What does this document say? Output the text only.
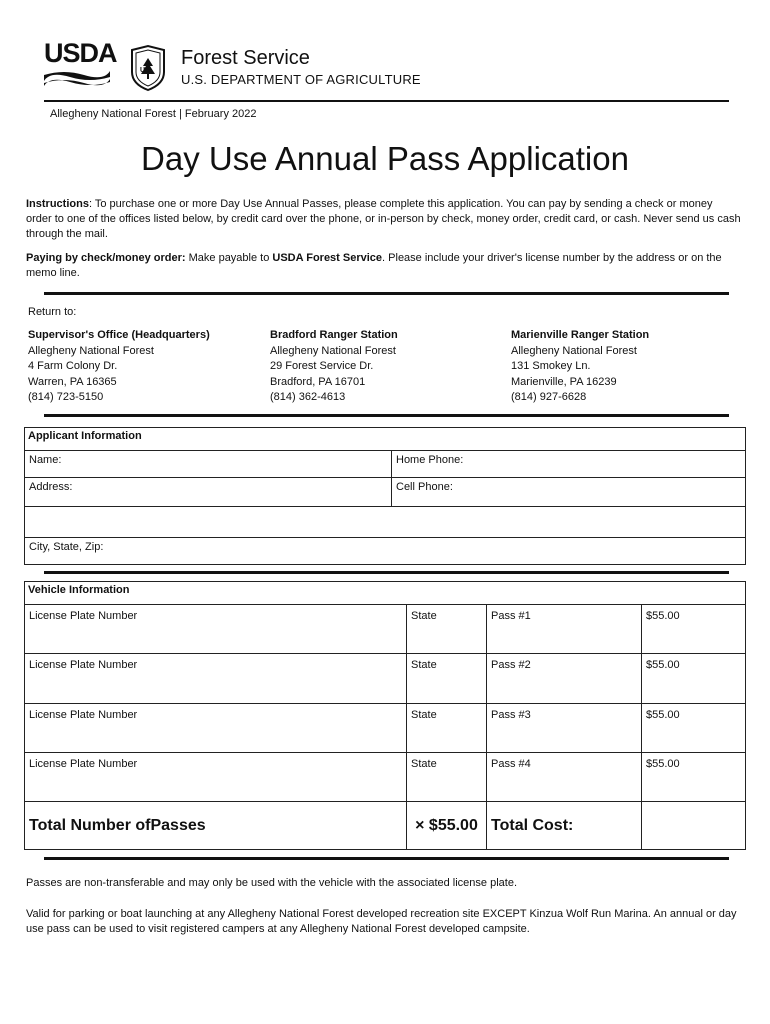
USDA
US
Forest Service
U.S. DEPARTMENT OF AGRICULTURE
Allegheny National Forest | February 2022
Day Use Annual Pass Application
Instructions: To purchase one or more Day Use Annual Passes, please complete this application. You can pay by sending a check or money order to one of the offices listed below, by credit card over the phone, or in-person by check, money order, credit card, or cash. Never send us cash through the mail.
Paying by check/money order: Make payable to USDA Forest Service. Please include your driver's license number by the address or on the memo line.
Return to:
Supervisor's Office (Headquarters)
Allegheny National Forest
4 Farm Colony Dr.
Warren, PA 16365
(814) 723-5150
Bradford Ranger Station
Allegheny National Forest
29 Forest Service Dr.
Bradford, PA 16701
(814) 362-4613
Marienville Ranger Station
Allegheny National Forest
131 Smokey Ln.
Marienville, PA 16239
(814) 927-6628
Applicant Information
Name:	Home Phone:
Address:	Cell Phone:
City, State, Zip:
Vehicle Information
License Plate Number	State	Pass #1	$55.00
License Plate Number	State	Pass #2	$55.00
License Plate Number	State	Pass #3	$55.00
License Plate Number	State	Pass #4	$55.00
Total Number of Passes	× $55.00 Total Cost:
Passes are non-transferable and may only be used with the vehicle with the associated license plate.
Valid for parking or boat launching at any Allegheny National Forest developed recreation site EXCEPT Kinzua Wolf Run Marina. An annual or day use pass can be used to visit registered campers at any Allegheny National Forest developed campsite.
